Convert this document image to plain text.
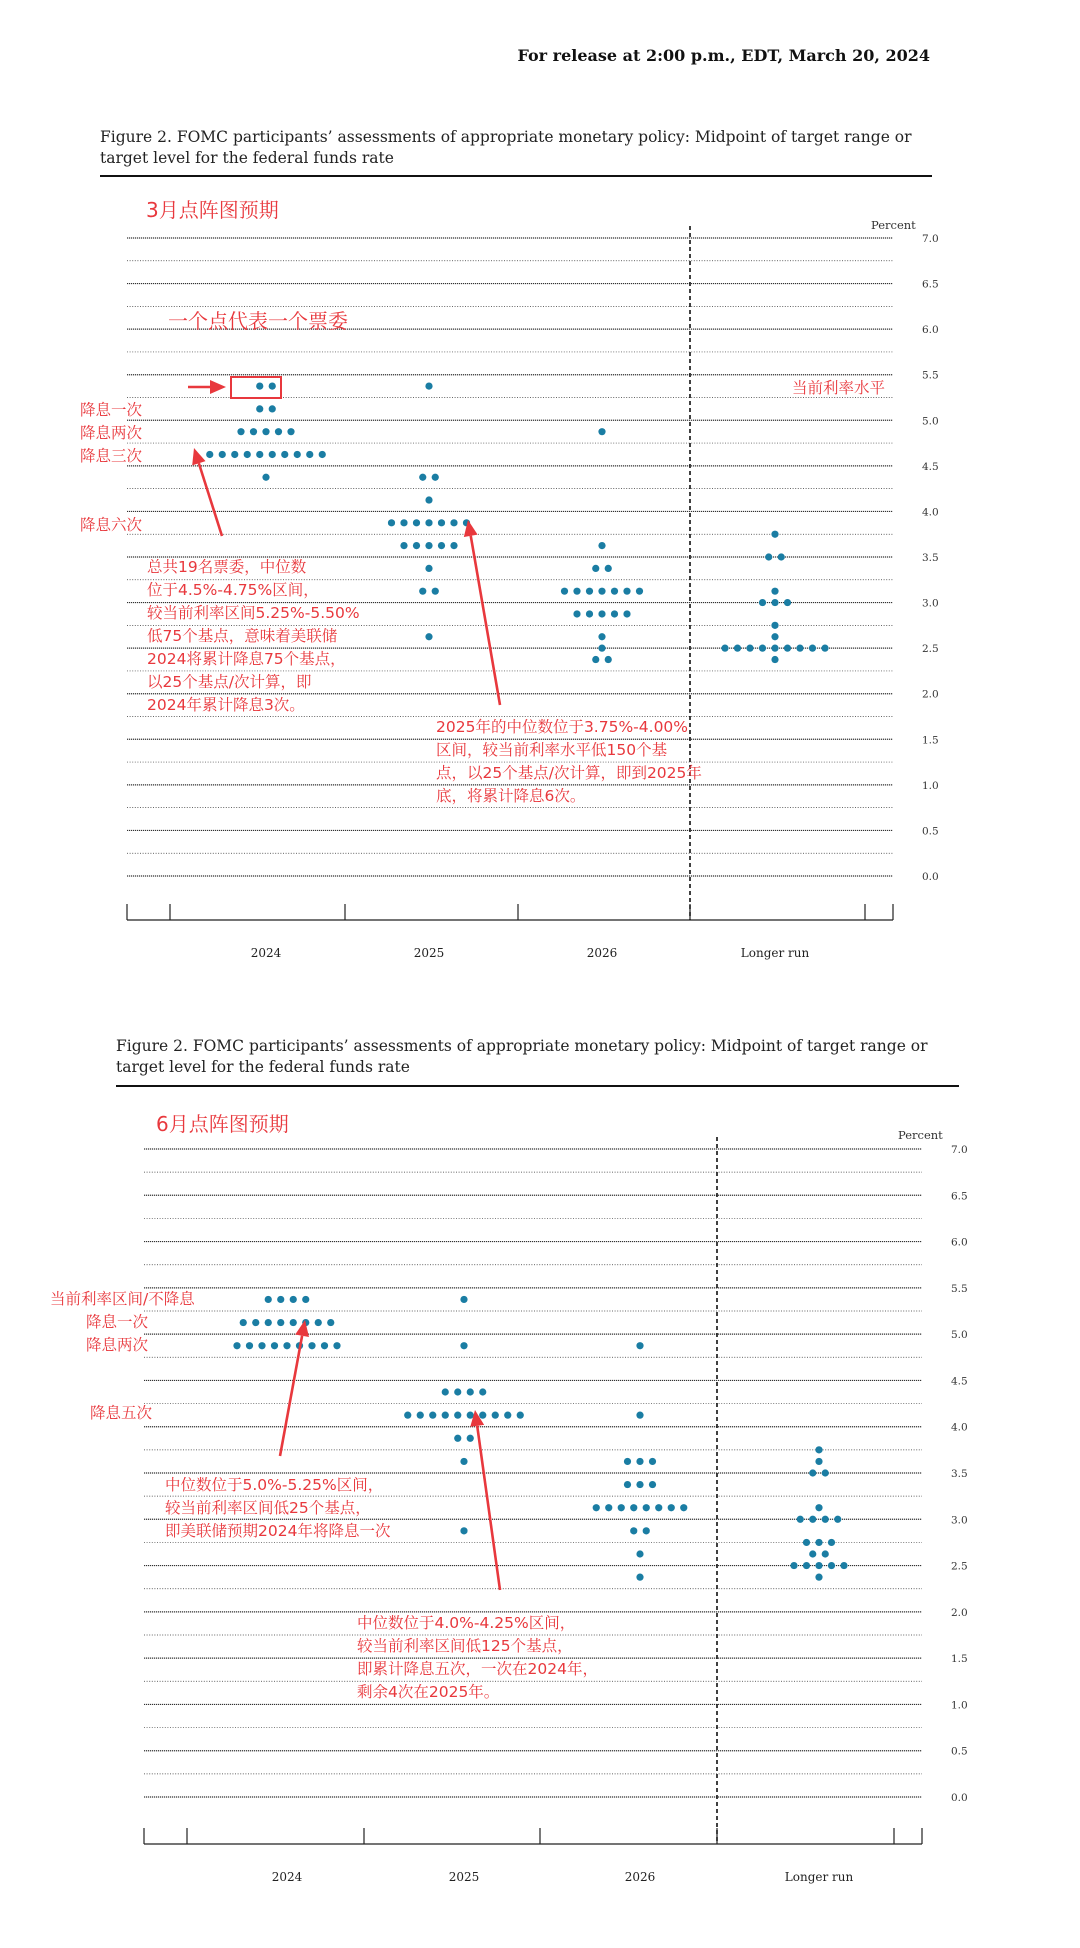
For release at 2:00 p.m., EDT, March 20, 2024
Figure 2. FOMC participants’ assessments of appropriate monetary policy: Midpoint of target range or target level for the federal funds rate
3月点阵图预期
Percent
0.0
0.5
1.0
1.5
2.0
2.5
3.0
3.5
4.0
4.5
5.0
5.5
6.0
6.5
7.0
2024	2025	2026	Longer run
一个点代表一个票委
当前利率水平
降息一次
降息两次
降息三次
降息六次
总共19名票委，中位数
位于4.5%-4.75%区间，
较当前利率区间5.25%-5.50%
低75个基点，意味着美联储
2024将累计降息75个基点，
以25个基点/次计算，即
2024年累计降息3次。
2025年的中位数位于3.75%-4.00%
区间，较当前利率水平低150个基
点，以25个基点/次计算，即到2025年
底，将累计降息6次。
Figure 2. FOMC participants’ assessments of appropriate monetary policy: Midpoint of target range or target level for the federal funds rate
6月点阵图预期	Percent
0.0
0.5
1.0
1.5
2.0
2.5
3.0
3.5
4.0
4.5
5.0
5.5
6.0
6.5
7.0
2024	2025	2026	Longer run
当前利率区间/不降息
降息一次
降息两次
降息五次
中位数位于5.0%-5.25%区间，
较当前利率区间低25个基点，
即美联储预期2024年将降息一次
中位数位于4.0%-4.25%区间，
较当前利率区间低125个基点，
即累计降息五次，一次在2024年，
剩余4次在2025年。
